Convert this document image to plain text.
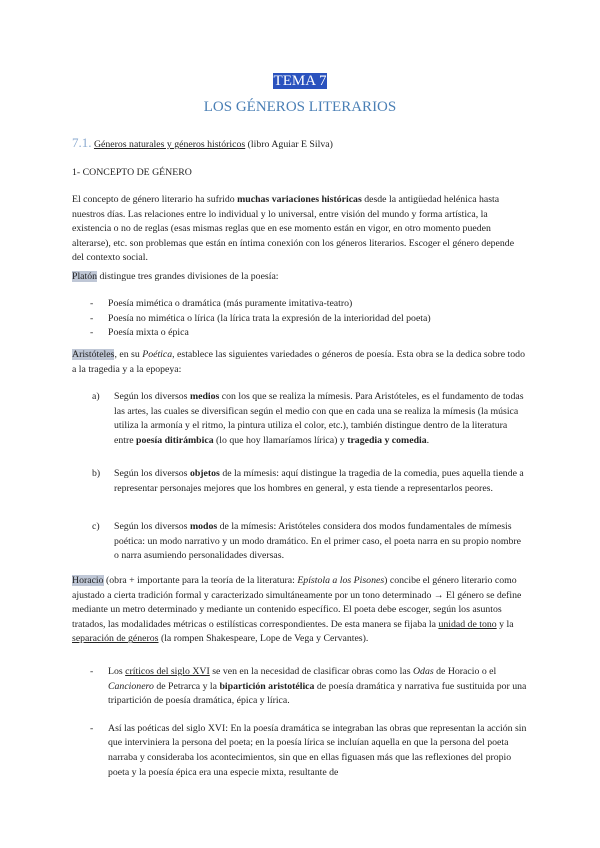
TEMA 7
LOS GÉNEROS LITERARIOS
7.1. Géneros naturales y géneros históricos (libro Aguiar E Silva)
1- CONCEPTO DE GÉNERO

El concepto de género literario ha sufrido muchas variaciones históricas desde la antigüedad helénica hasta nuestros días. Las relaciones entre lo individual y lo universal, entre visión del mundo y forma artística, la existencia o no de reglas (esas mismas reglas que en ese momento están en vigor, en otro momento pueden alterarse), etc. son problemas que están en íntima conexión con los géneros literarios. Escoger el género depende del contexto social.

Platón distingue tres grandes divisiones de la poesía:

- Poesía mimética o dramática (más puramente imitativa-teatro)
- Poesía no mimética o lírica (la lírica trata la expresión de la interioridad del poeta)
- Poesía mixta o épica

Aristóteles, en su Poética, establece las siguientes variedades o géneros de poesía. Esta obra se la dedica sobre todo a la tragedia y a la epopeya:

a) Según los diversos medios con los que se realiza la mímesis. Para Aristóteles, es el fundamento de todas las artes, las cuales se diversifican según el medio con que en cada una se realiza la mímesis (la música utiliza la armonía y el ritmo, la pintura utiliza el color, etc.), también distingue dentro de la literatura entre poesía ditirámbica (lo que hoy llamaríamos lírica) y tragedia y comedia.

b) Según los diversos objetos de la mímesis: aquí distingue la tragedia de la comedia, pues aquella tiende a representar personajes mejores que los hombres en general, y esta tiende a representarlos peores.

c) Según los diversos modos de la mímesis: Aristóteles considera dos modos fundamentales de mímesis poética: un modo narrativo y un modo dramático. En el primer caso, el poeta narra en su propio nombre o narra asumiendo personalidades diversas.

Horacio (obra + importante para la teoría de la literatura: Epístola a los Pisones) concibe el género literario como ajustado a cierta tradición formal y caracterizado simultáneamente por un tono determinado → El género se define mediante un metro determinado y mediante un contenido específico. El poeta debe escoger, según los asuntos tratados, las modalidades métricas o estilísticas correspondientes. De esta manera se fijaba la unidad de tono y la separación de géneros (la rompen Shakespeare, Lope de Vega y Cervantes).

- Los críticos del siglo XVI se ven en la necesidad de clasificar obras como las Odas de Horacio o el Cancionero de Petrarca y la bipartición aristotélica de poesía dramática y narrativa fue sustituida por una tripartición de poesía dramática, épica y lírica.

- Así las poéticas del siglo XVI: En la poesía dramática se integraban las obras que representan la acción sin que interviniera la persona del poeta; en la poesía lírica se incluían aquella en que la persona del poeta narraba y consideraba los acontecimientos, sin que en ellas figuasen más que las reflexiones del propio poeta y la poesía épica era una especie mixta, resultante de
